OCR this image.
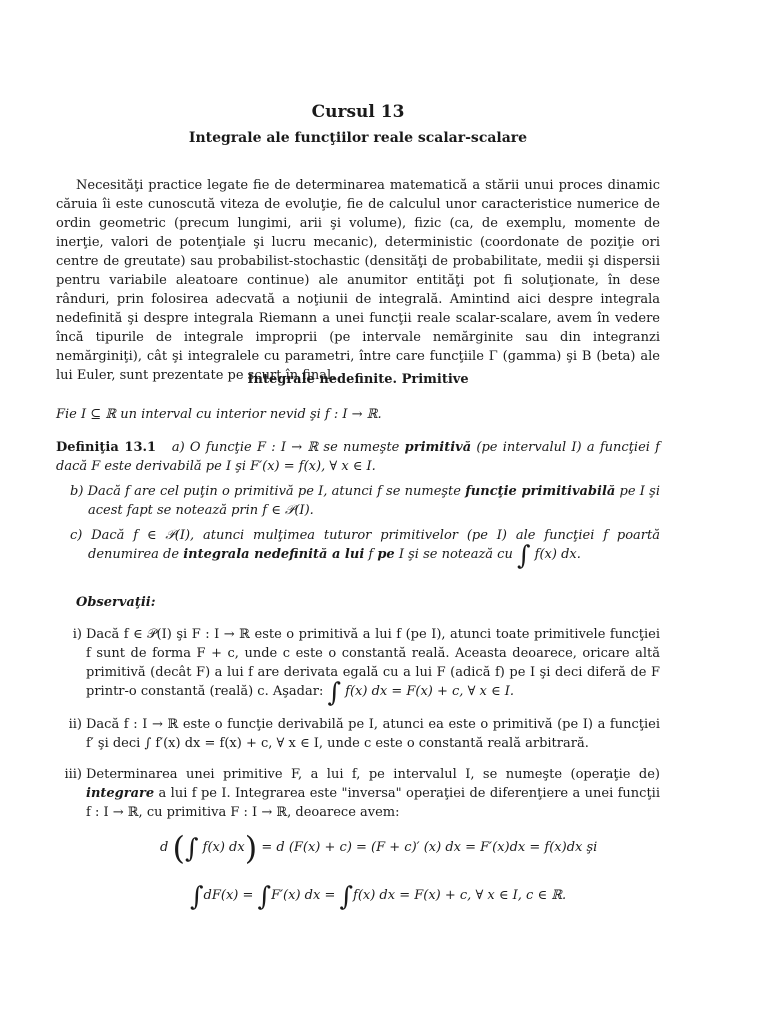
Cursul 13
Integrale ale funcţiilor reale scalar-scalare

Necesităţi practice legate fie de determinarea matematică a stării unui proces dinamic căruia îi este cunoscută viteza de evoluţie, fie de calculul unor caracteristice numerice de ordin geometric (precum lungimi, arii şi volume), fizic (ca, de exemplu, momente de inerţie, valori de potenţiale şi lucru mecanic), deterministic (coordonate de poziţie ori centre de greutate) sau probabilist-stochastic (densităţi de probabilitate, medii şi dispersii pentru variabile aleatoare continue) ale anumitor entităţi pot fi soluţionate, în dese rânduri, prin folosirea adecvată a noţiunii de integrală. Amintind aici despre integrala nedefinită şi despre integrala Riemann a unei funcţii reale scalar-scalare, avem în vedere încă tipurile de integrale improprii (pe intervale nemărginite sau din integranzi nemărginiţi), cât şi integralele cu parametri, între care funcţiile Γ (gamma) şi B (beta) ale lui Euler, sunt prezentate pe scurt în final.

Integrale nedefinite. Primitive
Fie I ⊆ ℝ un interval cu interior nevid şi f : I → ℝ.
Definiţia 13.1 a) O funcţie F : I → ℝ se numeşte primitivă (pe intervalul I) a funcţiei f dacă F este derivabilă pe I şi F′(x) = f(x), ∀ x ∈ I.
b) Dacă f are cel puţin o primitivă pe I, atunci f se numeşte funcţie primitivabilă pe I şi acest fapt se notează prin f ∈ 𝒫(I).
c) Dacă f ∈ 𝒫(I), atunci mulţimea tuturor primitivelor (pe I) ale funcţiei f poartă denumirea de integrala nedefinită a lui f pe I şi se notează cu ∫ f(x) dx.
Observaţii:
i) Dacă f ∈ 𝒫(I) şi F : I → ℝ este o primitivă a lui f (pe I), atunci toate primitivele funcţiei f sunt de forma F + c, unde c este o constantă reală. Aceasta deoarece, oricare altă primitivă (decât F) a lui f are derivata egală cu a lui F (adică f) pe I şi deci diferă de F printr-o constantă (reală) c. Aşadar: ∫ f(x) dx = F(x) + c, ∀ x ∈ I.
ii) Dacă f : I → ℝ este o funcţie derivabilă pe I, atunci ea este o primitivă (pe I) a funcţiei f′ şi deci ∫ f′(x) dx = f(x) + c, ∀ x ∈ I, unde c este o constantă reală arbitrară.
iii) Determinarea unei primitive F, a lui f, pe intervalul I, se numeşte (operaţie de) integrare a lui f pe I. Integrarea este "inversa" operaţiei de diferenţiere a unei funcţii f : I → ℝ, cu primitiva F : I → ℝ, deoarece avem:
d (∫ f(x) dx) = d (F(x) + c) = (F + c)′ (x) dx = F′(x)dx = f(x)dx şi
∫dF(x) = ∫F′(x) dx = ∫f(x) dx = F(x) + c, ∀ x ∈ I, c ∈ ℝ.
